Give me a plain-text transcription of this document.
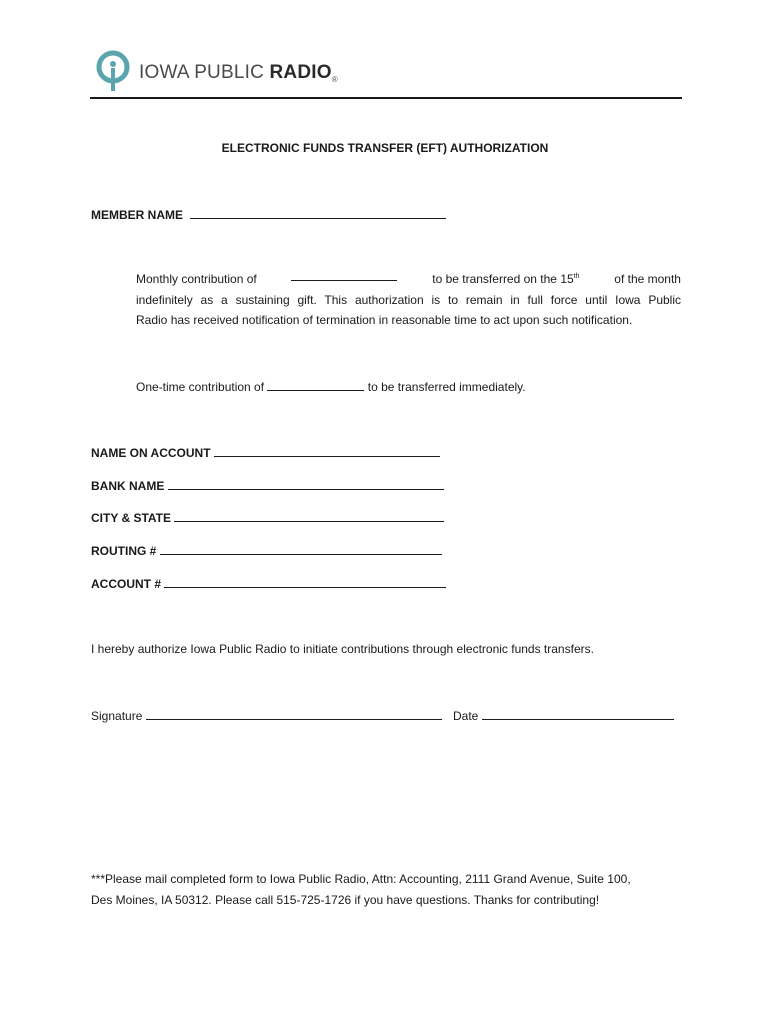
IOWA PUBLIC RADIO®
ELECTRONIC FUNDS TRANSFER (EFT) AUTHORIZATION
MEMBER NAME
Monthly contribution of	to be transferred on the 15th	of the month
indefinitely as a sustaining gift. This authorization is to remain in full force until Iowa Public
Radio has received notification of termination in reasonable time to act upon such notification.
One-time contribution of	to be transferred immediately.
NAME ON ACCOUNT
BANK NAME
CITY & STATE
ROUTING #
ACCOUNT #
I hereby authorize Iowa Public Radio to initiate contributions through electronic funds transfers.
Signature	Date
***Please mail completed form to Iowa Public Radio, Attn: Accounting, 2111 Grand Avenue, Suite 100,
Des Moines, IA 50312. Please call 515-725-1726 if you have questions. Thanks for contributing!
